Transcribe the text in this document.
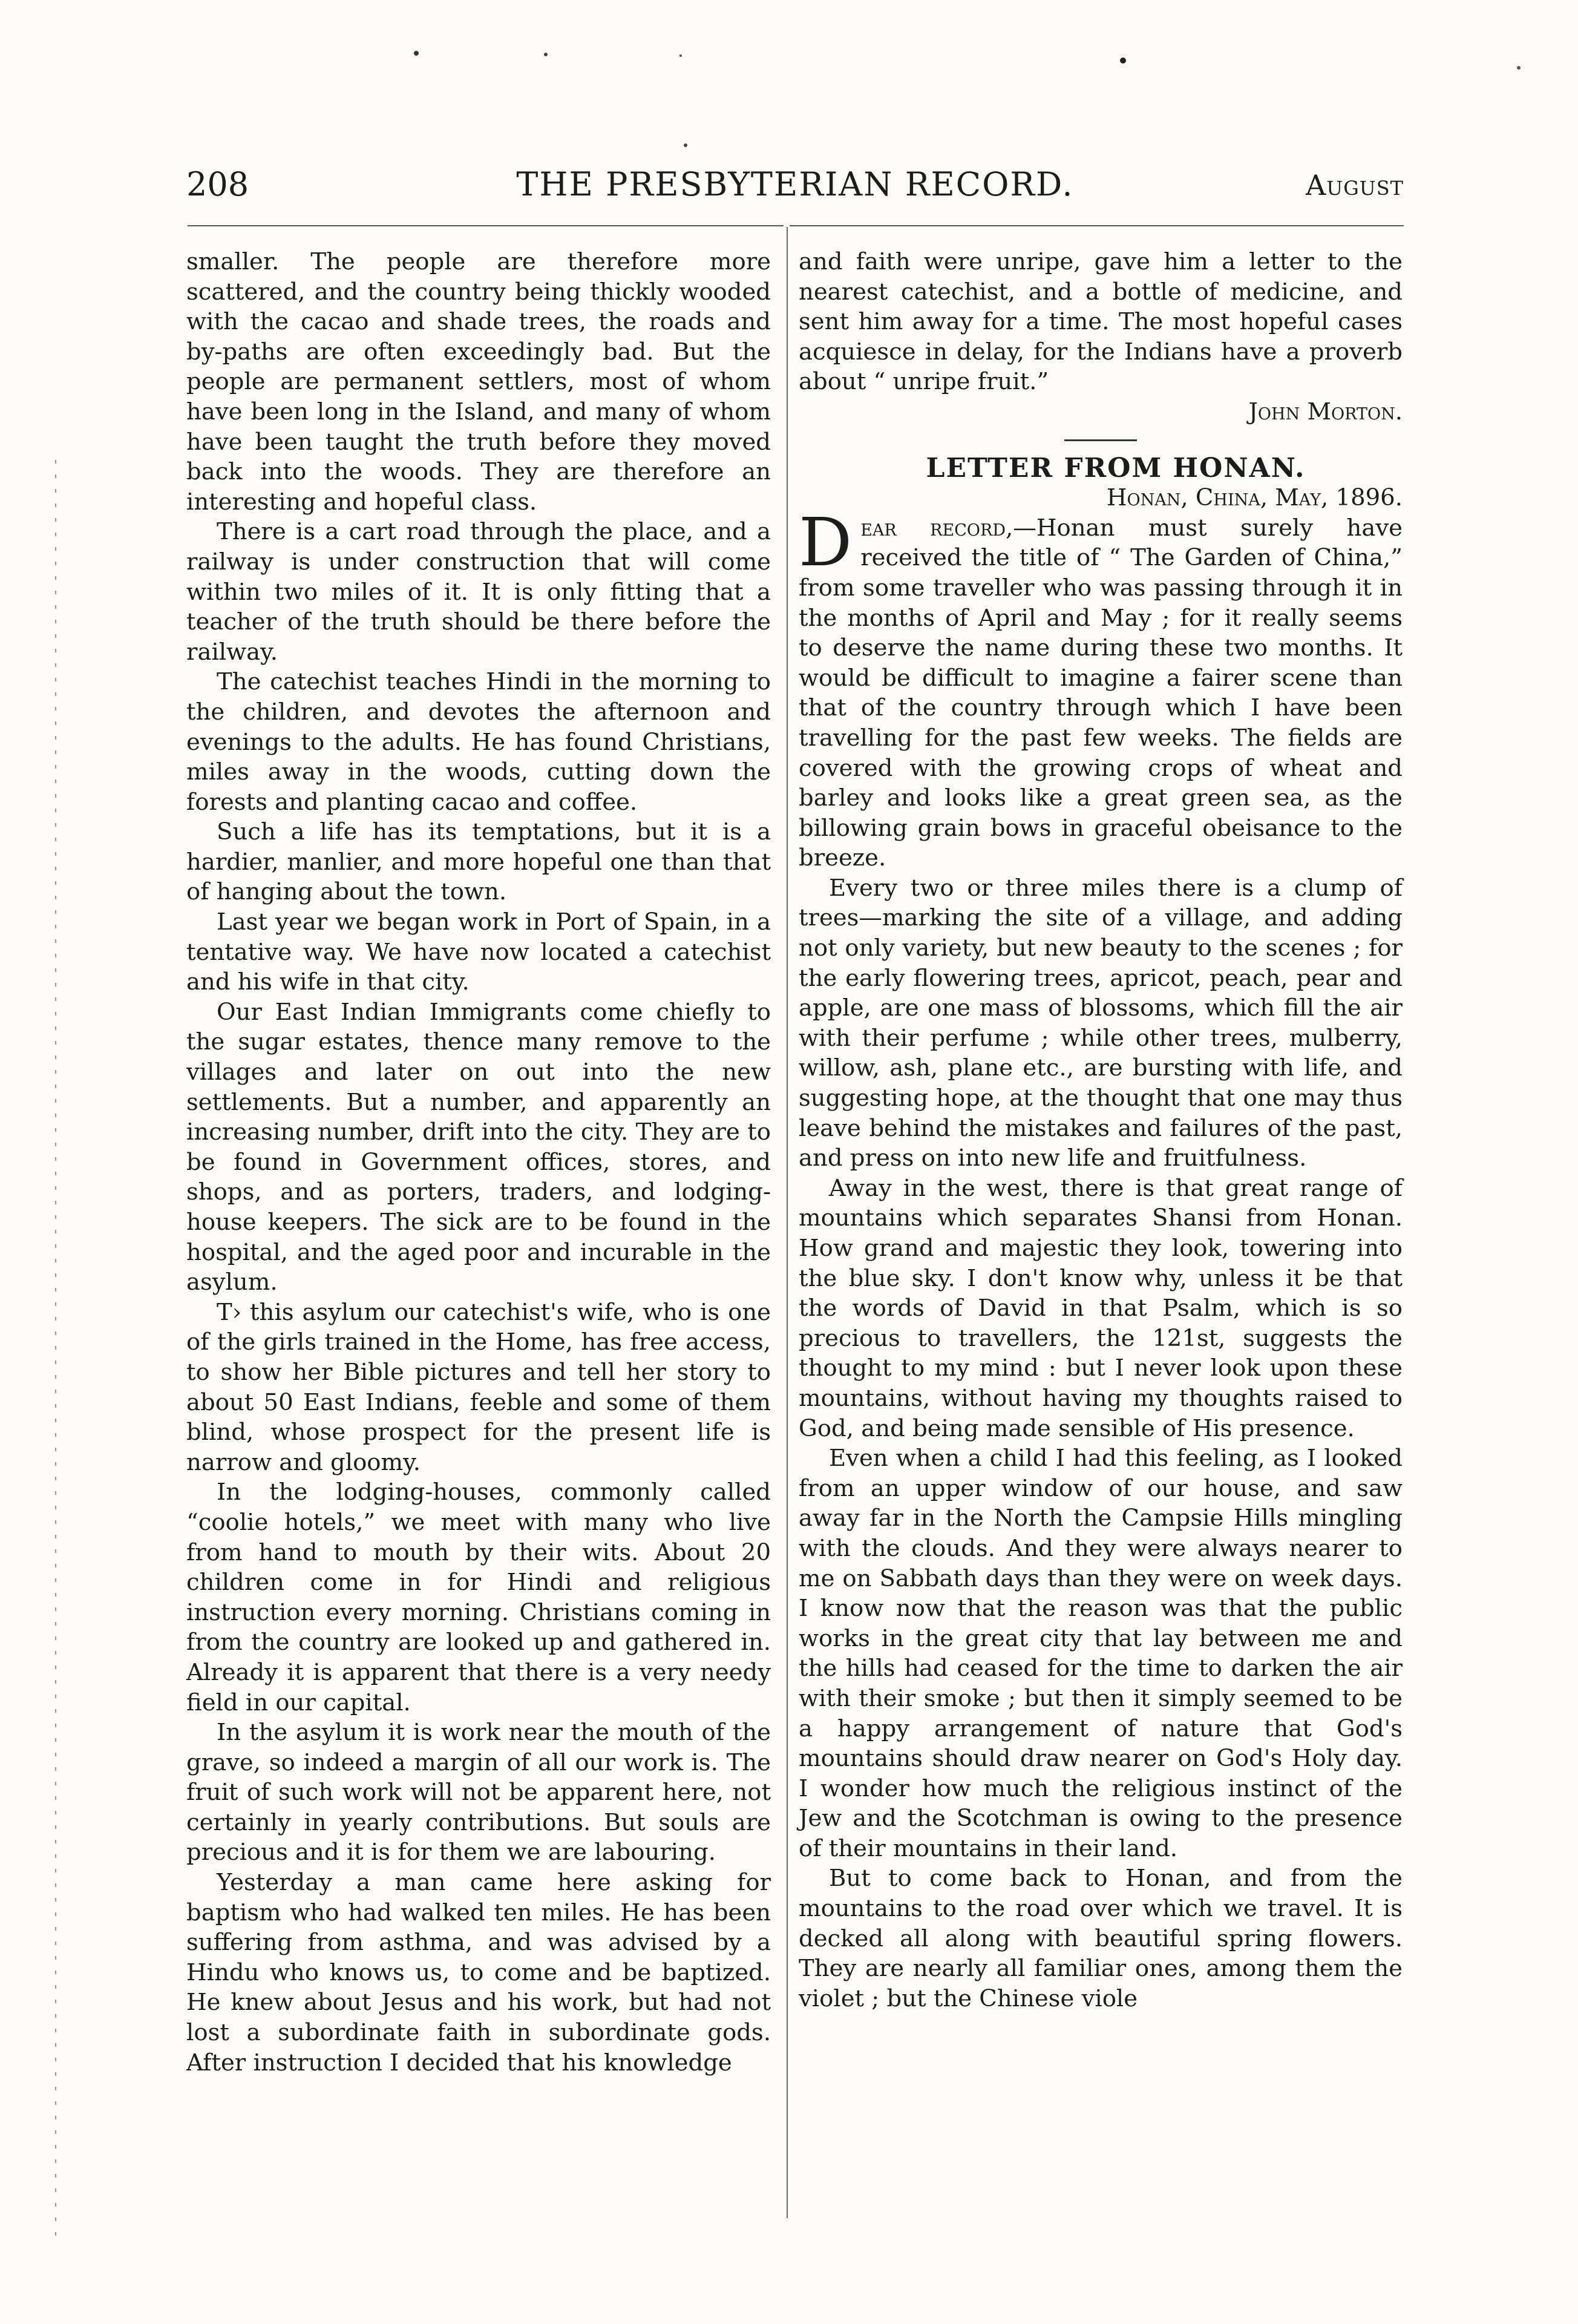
208	THE PRESBYTERIAN RECORD.	August

smaller. The people are therefore more scattered, and the country being thickly wooded with the cacao and shade trees, the roads and by-paths are often exceedingly bad. But the people are permanent settlers, most of whom have been long in the Island, and many of whom have been taught the truth before they moved back into the woods. They are therefore an interesting and hopeful class.

There is a cart road through the place, and a railway is under construction that will come within two miles of it. It is only fitting that a teacher of the truth should be there before the railway.

The catechist teaches Hindi in the morning to the children, and devotes the afternoon and evenings to the adults. He has found Christians, miles away in the woods, cutting down the forests and planting cacao and coffee.

Such a life has its temptations, but it is a hardier, manlier, and more hopeful one than that of hanging about the town.

Last year we began work in Port of Spain, in a tentative way. We have now located a catechist and his wife in that city.

Our East Indian Immigrants come chiefly to the sugar estates, thence many remove to the villages and later on out into the new settlements. But a number, and apparently an increasing number, drift into the city. They are to be found in Government offices, stores, and shops, and as porters, traders, and lodging-house keepers. The sick are to be found in the hospital, and the aged poor and incurable in the asylum.

T› this asylum our catechist's wife, who is one of the girls trained in the Home, has free access, to show her Bible pictures and tell her story to about 50 East Indians, feeble and some of them blind, whose prospect for the present life is narrow and gloomy.

In the lodging-houses, commonly called “coolie hotels,” we meet with many who live from hand to mouth by their wits. About 20 children come in for Hindi and religious instruction every morning. Christians coming in from the country are looked up and gathered in. Already it is apparent that there is a very needy field in our capital.

In the asylum it is work near the mouth of the grave, so indeed a margin of all our work is. The fruit of such work will not be apparent here, not certainly in yearly contributions. But souls are precious and it is for them we are labouring.

Yesterday a man came here asking for baptism who had walked ten miles. He has been suffering from asthma, and was advised by a Hindu who knows us, to come and be baptized. He knew about Jesus and his work, but had not lost a subordinate faith in subordinate gods. After instruction I decided that his knowledge

and faith were unripe, gave him a letter to the nearest catechist, and a bottle of medicine, and sent him away for a time. The most hopeful cases acquiesce in delay, for the Indians have a proverb about “ unripe fruit.”

John Morton.

LETTER FROM HONAN.

Honan, China, May, 1896.

Dear record,—Honan must surely have received the title of “ The Garden of China,” from some traveller who was passing through it in the months of April and May ; for it really seems to deserve the name during these two months. It would be difficult to imagine a fairer scene than that of the country through which I have been travelling for the past few weeks. The fields are covered with the growing crops of wheat and barley and looks like a great green sea, as the billowing grain bows in graceful obeisance to the breeze.

Every two or three miles there is a clump of trees—marking the site of a village, and adding not only variety, but new beauty to the scenes ; for the early flowering trees, apricot, peach, pear and apple, are one mass of blossoms, which fill the air with their perfume ; while other trees, mulberry, willow, ash, plane etc., are bursting with life, and suggesting hope, at the thought that one may thus leave behind the mistakes and failures of the past, and press on into new life and fruitfulness.

Away in the west, there is that great range of mountains which separates Shansi from Honan. How grand and majestic they look, towering into the blue sky. I don't know why, unless it be that the words of David in that Psalm, which is so precious to travellers, the 121st, suggests the thought to my mind : but I never look upon these mountains, without having my thoughts raised to God, and being made sensible of His presence.

Even when a child I had this feeling, as I looked from an upper window of our house, and saw away far in the North the Campsie Hills mingling with the clouds. And they were always nearer to me on Sabbath days than they were on week days. I know now that the reason was that the public works in the great city that lay between me and the hills had ceased for the time to darken the air with their smoke ; but then it simply seemed to be a happy arrangement of nature that God's mountains should draw nearer on God's Holy day. I wonder how much the religious instinct of the Jew and the Scotchman is owing to the presence of their mountains in their land.

But to come back to Honan, and from the mountains to the road over which we travel. It is decked all along with beautiful spring flowers. They are nearly all familiar ones, among them the violet ; but the Chinese viole
